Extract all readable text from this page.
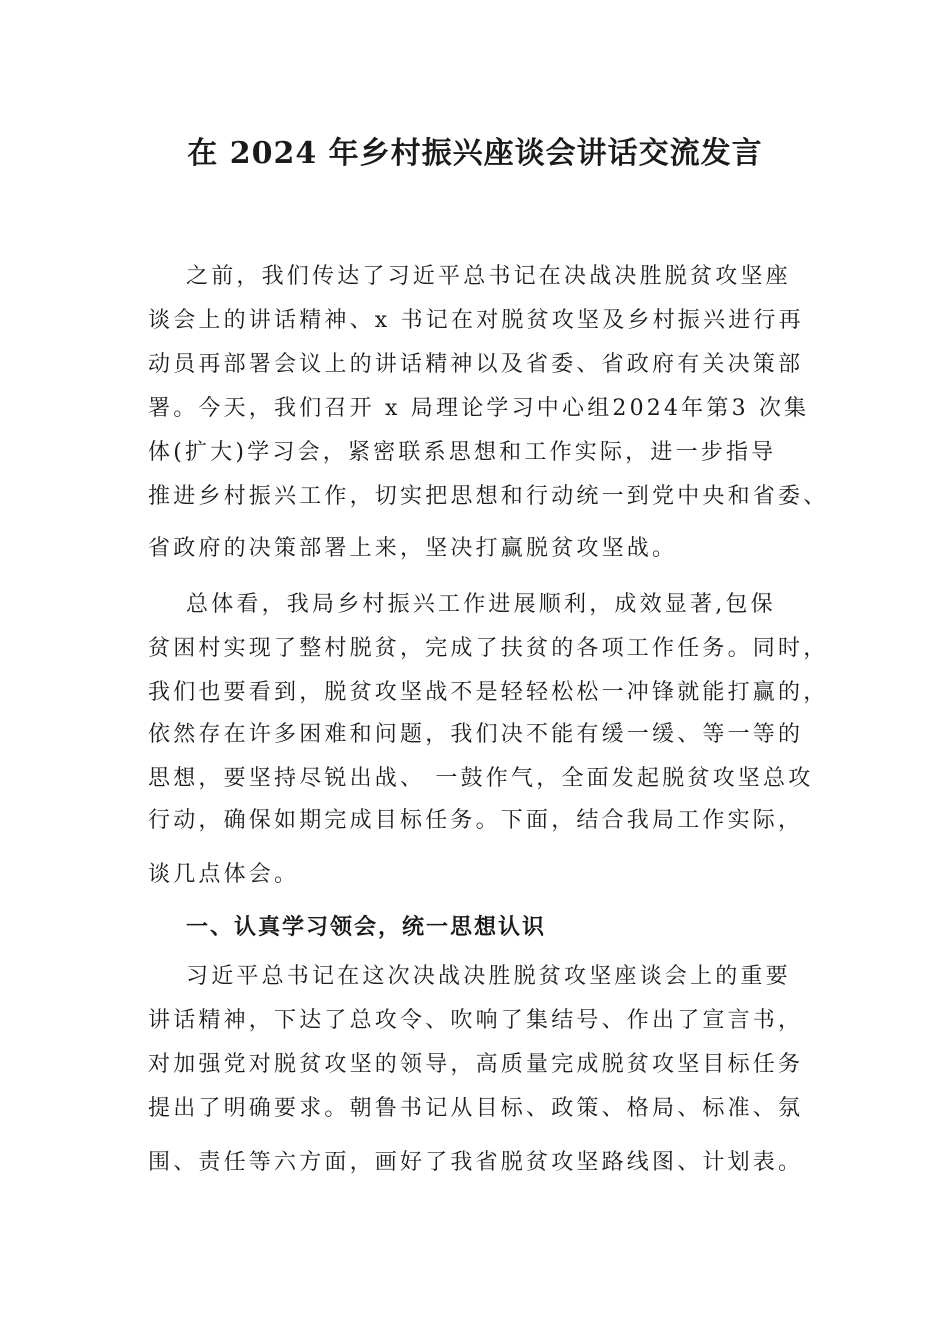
在 2024 年乡村振兴座谈会讲话交流发言
之前，我们传达了习近平总书记在决战决胜脱贫攻坚座
谈会上的讲话精神、x 书记在对脱贫攻坚及乡村振兴进行再
动员再部署会议上的讲话精神以及省委、省政府有关决策部
署。今天，我们召开 x 局理论学习中心组2024年第3 次集
体(扩大)学习会，紧密联系思想和工作实际，进一步指导
推进乡村振兴工作，切实把思想和行动统一到党中央和省委、
省政府的决策部署上来，坚决打赢脱贫攻坚战。
总体看，我局乡村振兴工作进展顺利，成效显著,包保
贫困村实现了整村脱贫，完成了扶贫的各项工作任务。同时，
我们也要看到，脱贫攻坚战不是轻轻松松一冲锋就能打赢的，
依然存在许多困难和问题，我们决不能有缓一缓、等一等的
思想，要坚持尽锐出战、 一鼓作气，全面发起脱贫攻坚总攻
行动，确保如期完成目标任务。下面，结合我局工作实际，
谈几点体会。
一、认真学习领会，统一思想认识
习近平总书记在这次决战决胜脱贫攻坚座谈会上的重要
讲话精神，下达了总攻令、吹响了集结号、作出了宣言书，
对加强党对脱贫攻坚的领导，高质量完成脱贫攻坚目标任务
提出了明确要求。朝鲁书记从目标、政策、格局、标准、氛
围、责任等六方面，画好了我省脱贫攻坚路线图、计划表。
